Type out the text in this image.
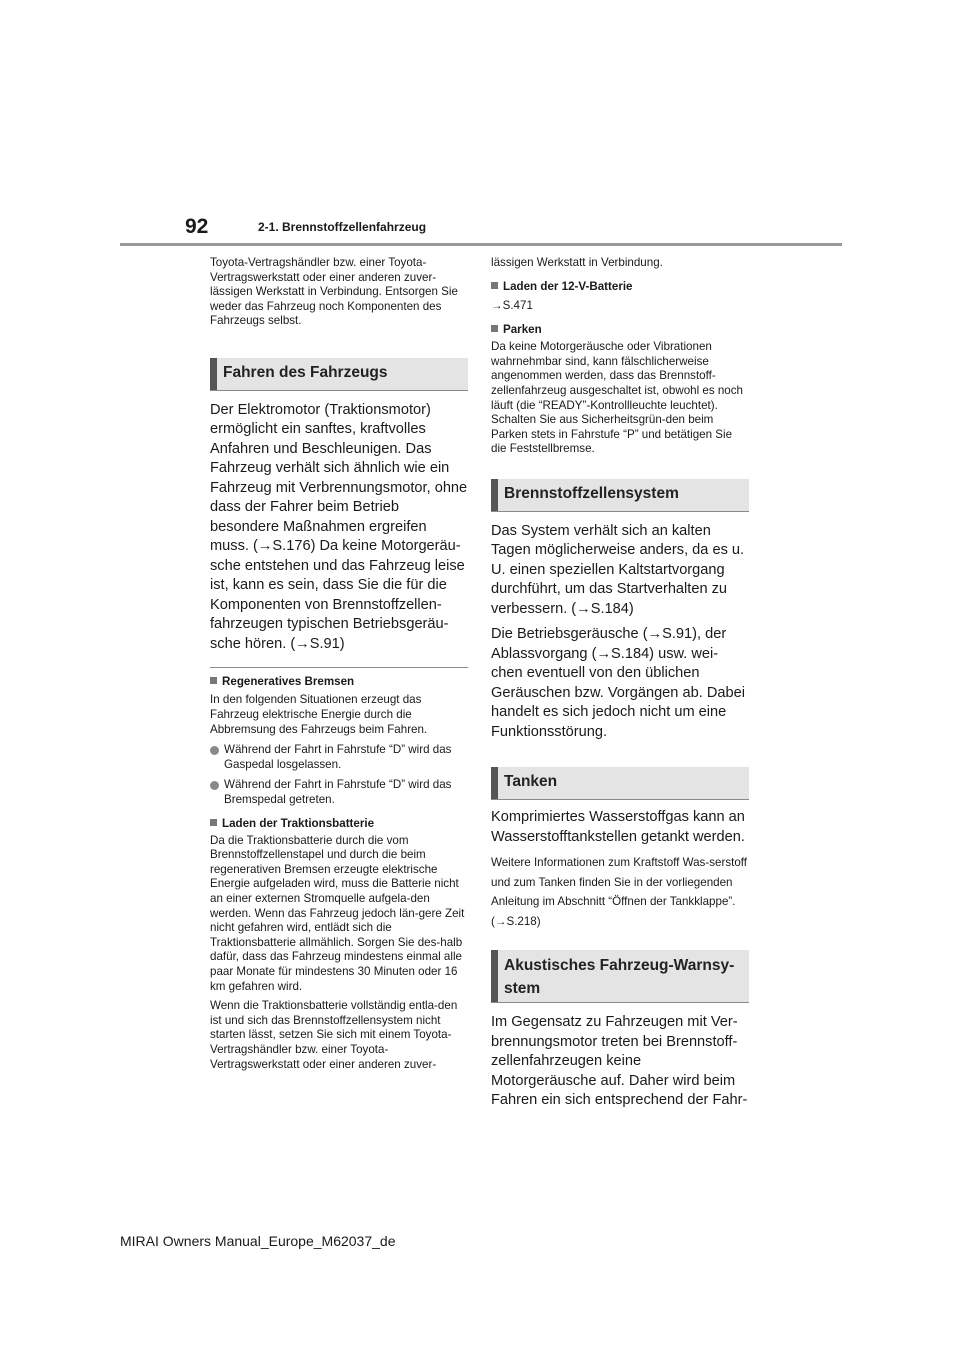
92	2-1. Brennstoffzellenfahrzeug

Toyota-Vertragshändler bzw. einer Toyota-Vertragswerkstatt oder einer anderen zuver-lässigen Werkstatt in Verbindung. Entsorgen Sie weder das Fahrzeug noch Komponenten des Fahrzeugs selbst.

Fahren des Fahrzeugs

Der Elektromotor (Traktionsmotor) ermöglicht ein sanftes, kraftvolles Anfahren und Beschleunigen. Das Fahrzeug verhält sich ähnlich wie ein Fahrzeug mit Verbrennungsmotor, ohne dass der Fahrer beim Betrieb besondere Maßnahmen ergreifen muss. (→S.176) Da keine Motorgeräu-sche entstehen und das Fahrzeug leise ist, kann es sein, dass Sie die für die Komponenten von Brennstoffzellen-fahrzeugen typischen Betriebsgeräu-sche hören. (→S.91)

Regeneratives Bremsen

In den folgenden Situationen erzeugt das Fahrzeug elektrische Energie durch die Abbremsung des Fahrzeugs beim Fahren.

Während der Fahrt in Fahrstufe “D” wird das Gaspedal losgelassen.

Während der Fahrt in Fahrstufe “D” wird das Bremspedal getreten.

Laden der Traktionsbatterie

Da die Traktionsbatterie durch die vom Brennstoffzellenstapel und durch die beim regenerativen Bremsen erzeugte elektrische Energie aufgeladen wird, muss die Batterie nicht an einer externen Stromquelle aufgela-den werden. Wenn das Fahrzeug jedoch län-gere Zeit nicht gefahren wird, entlädt sich die Traktionsbatterie allmählich. Sorgen Sie des-halb dafür, dass das Fahrzeug mindestens einmal alle paar Monate für mindestens 30 Minuten oder 16 km gefahren wird.

Wenn die Traktionsbatterie vollständig entla-den ist und sich das Brennstoffzellensystem nicht starten lässt, setzen Sie sich mit einem Toyota-Vertragshändler bzw. einer Toyota-Vertragswerkstatt oder einer anderen zuver-

lässigen Werkstatt in Verbindung.

Laden der 12-V-Batterie

→S.471

Parken

Da keine Motorgeräusche oder Vibrationen wahrnehmbar sind, kann fälschlicherweise angenommen werden, dass das Brennstoff-zellenfahrzeug ausgeschaltet ist, obwohl es noch läuft (die “READY”-Kontrollleuchte leuchtet). Schalten Sie aus Sicherheitsgrün-den beim Parken stets in Fahrstufe “P” und betätigen Sie die Feststellbremse.

Brennstoffzellensystem

Das System verhält sich an kalten Tagen möglicherweise anders, da es u. U. einen speziellen Kaltstartvorgang durchführt, um das Startverhalten zu verbessern. (→S.184)

Die Betriebsgeräusche (→S.91), der Ablassvorgang (→S.184) usw. wei-chen eventuell von den üblichen Geräuschen bzw. Vorgängen ab. Dabei handelt es sich jedoch nicht um eine Funktionsstörung.

Tanken

Komprimiertes Wasserstoffgas kann an Wasserstofftankstellen getankt werden.

Weitere Informationen zum Kraftstoff Was-serstoff und zum Tanken finden Sie in der vorliegenden Anleitung im Abschnitt “Öffnen der Tankklappe”. (→S.218)

Akustisches Fahrzeug-Warnsy-stem

Im Gegensatz zu Fahrzeugen mit Ver-brennungsmotor treten bei Brennstoff-zellenfahrzeugen keine Motorgeräusche auf. Daher wird beim Fahren ein sich entsprechend der Fahr-

MIRAI Owners Manual_Europe_M62037_de
